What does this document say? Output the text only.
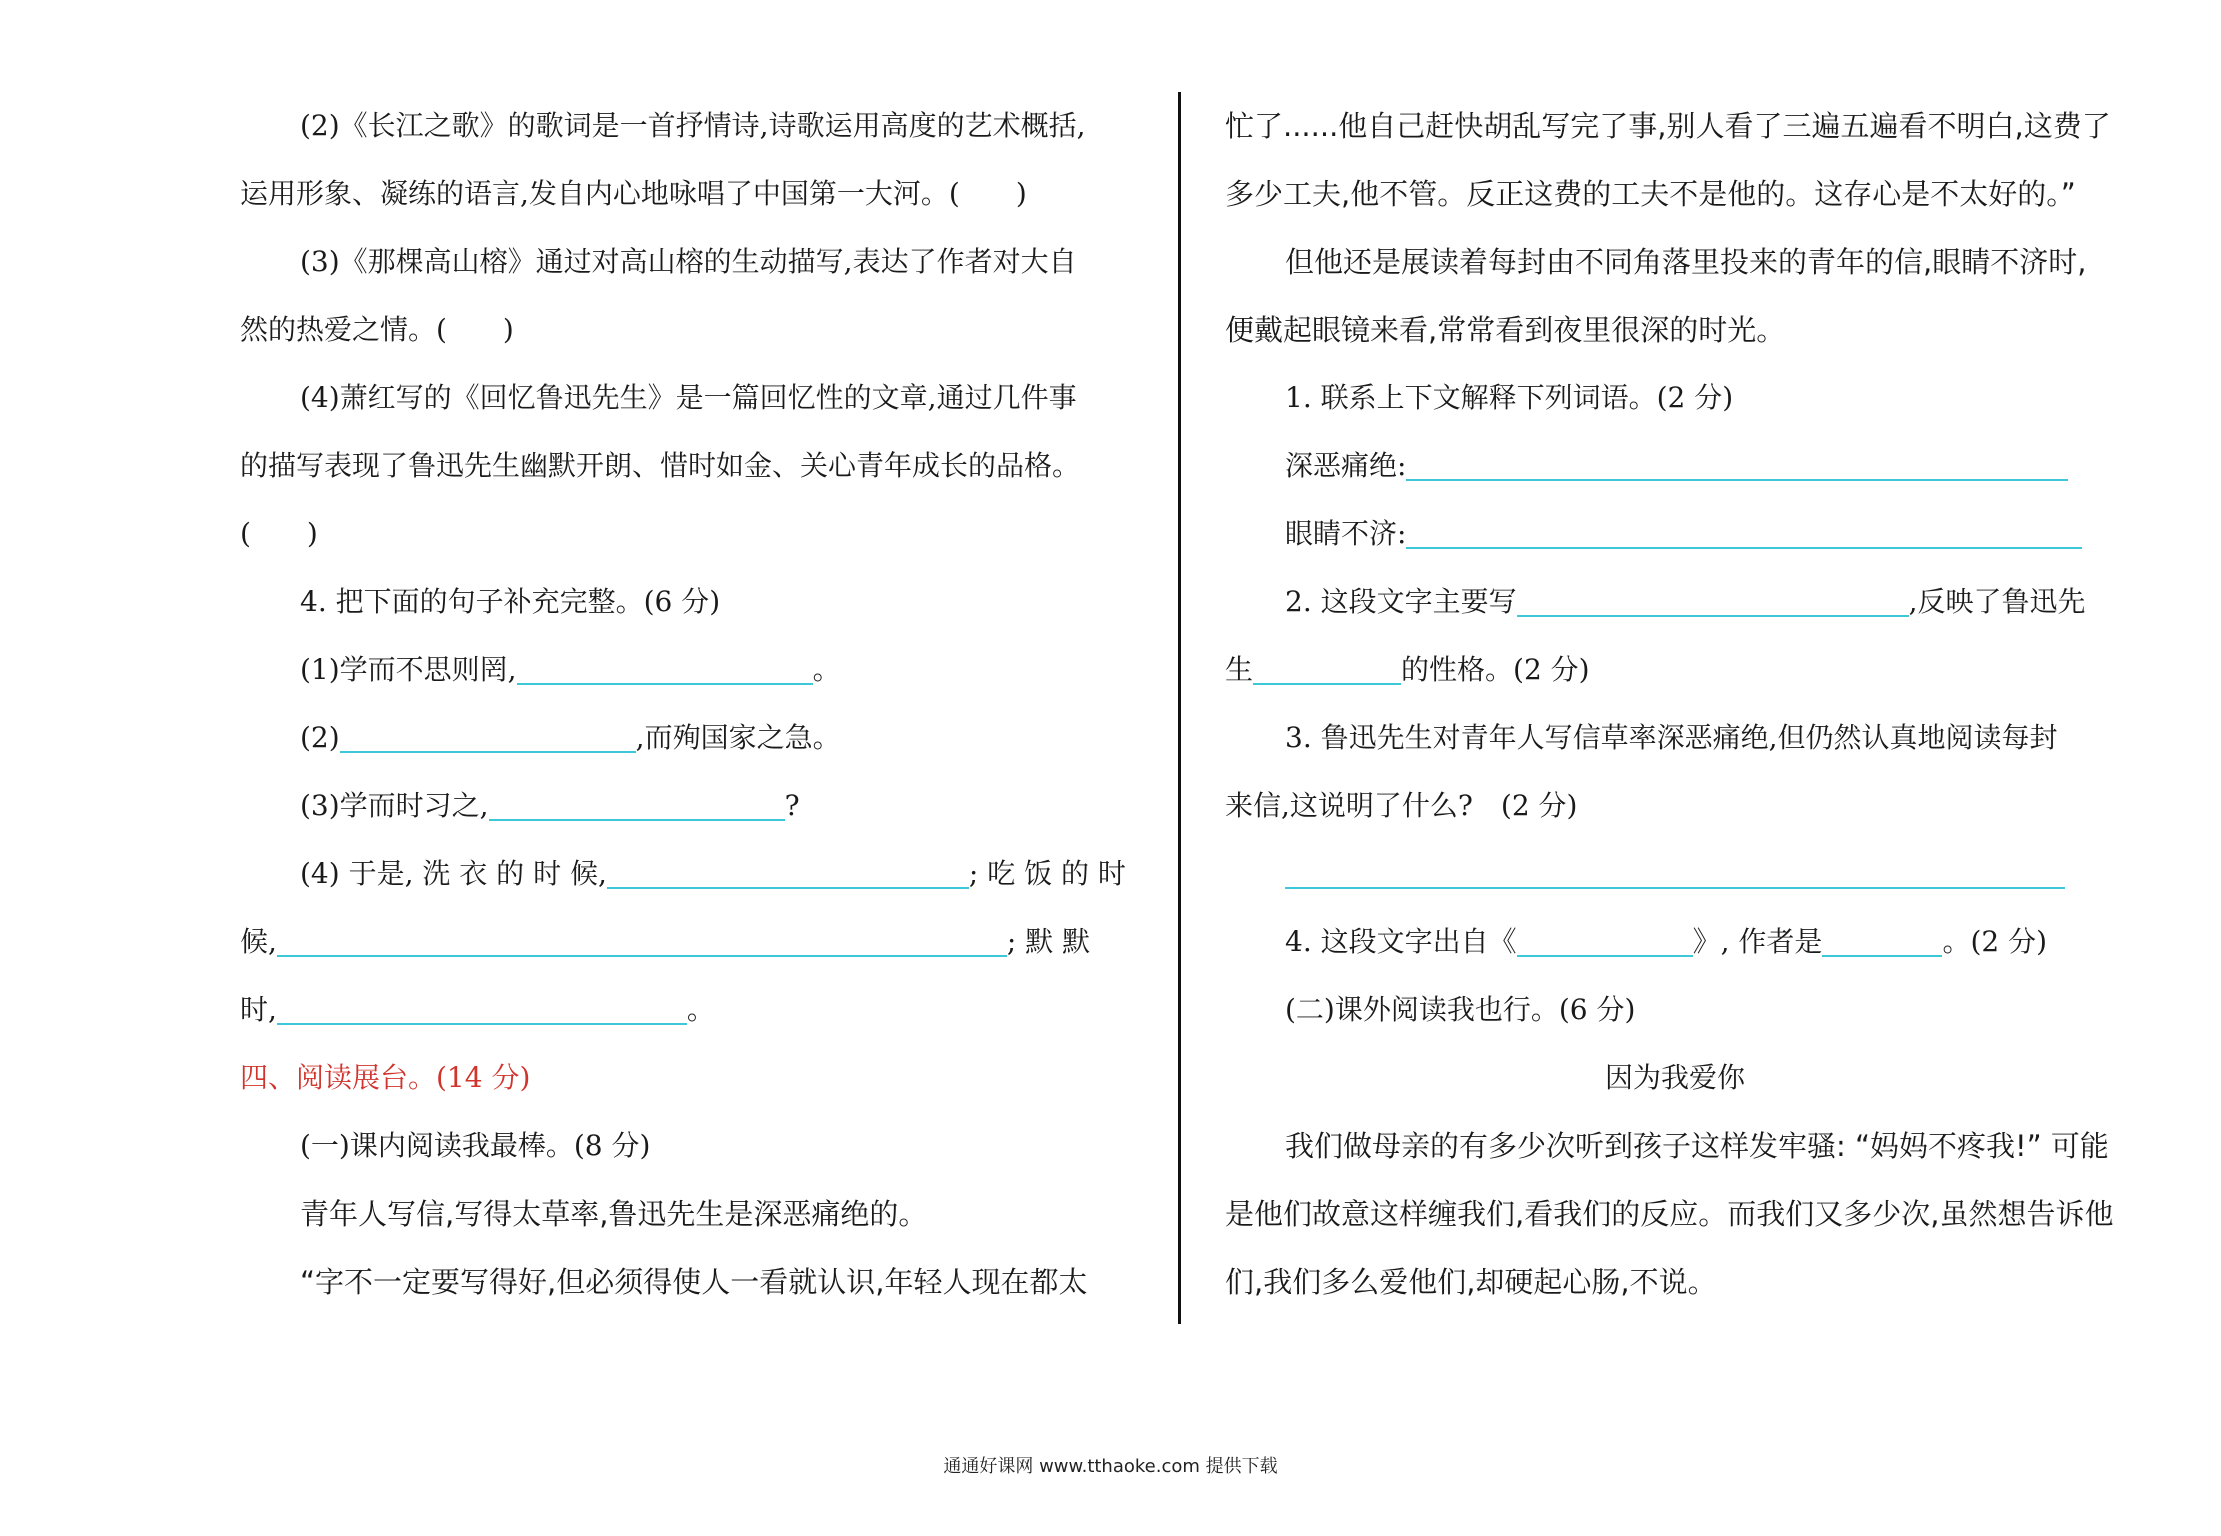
(2)《长江之歌》的歌词是一首抒情诗,诗歌运用高度的艺术概括,
运用形象、凝练的语言,发自内心地咏唱了中国第一大河。(　　)
(3)《那棵高山榕》通过对高山榕的生动描写,表达了作者对大自
然的热爱之情。(　　)
(4)萧红写的《回忆鲁迅先生》是一篇回忆性的文章,通过几件事
的描写表现了鲁迅先生幽默开朗、惜时如金、关心青年成长的品格。
(　　)
4. 把下面的句子补充完整。(6 分)
(1)学而不思则罔,	。
(2)	,而殉国家之急。
(3)学而时习之,	?
(4) 于是, 洗 衣 的 时 候,	; 吃 饭 的 时
候,	; 默 默
时,	。
四、阅读展台。(14 分)
(一)课内阅读我最棒。(8 分)
青年人写信,写得太草率,鲁迅先生是深恶痛绝的。
“字不一定要写得好,但必须得使人一看就认识,年轻人现在都太
忙了......他自己赶快胡乱写完了事,别人看了三遍五遍看不明白,这费了
多少工夫,他不管。反正这费的工夫不是他的。这存心是不太好的。”
但他还是展读着每封由不同角落里投来的青年的信,眼睛不济时,
便戴起眼镜来看,常常看到夜里很深的时光。
1. 联系上下文解释下列词语。(2 分)
深恶痛绝:
眼睛不济:
2. 这段文字主要写	,反映了鲁迅先
生	的性格。(2 分)
3. 鲁迅先生对青年人写信草率深恶痛绝,但仍然认真地阅读每封
来信,这说明了什么?　(2 分)
4. 这段文字出自《	》, 作者是	。(2 分)
(二)课外阅读我也行。(6 分)
因为我爱你
我们做母亲的有多少次听到孩子这样发牢骚: “妈妈不疼我!” 可能
是他们故意这样缠我们,看我们的反应。而我们又多少次,虽然想告诉他
们,我们多么爱他们,却硬起心肠,不说。
通通好课网 www.tthaoke.com 提供下载
